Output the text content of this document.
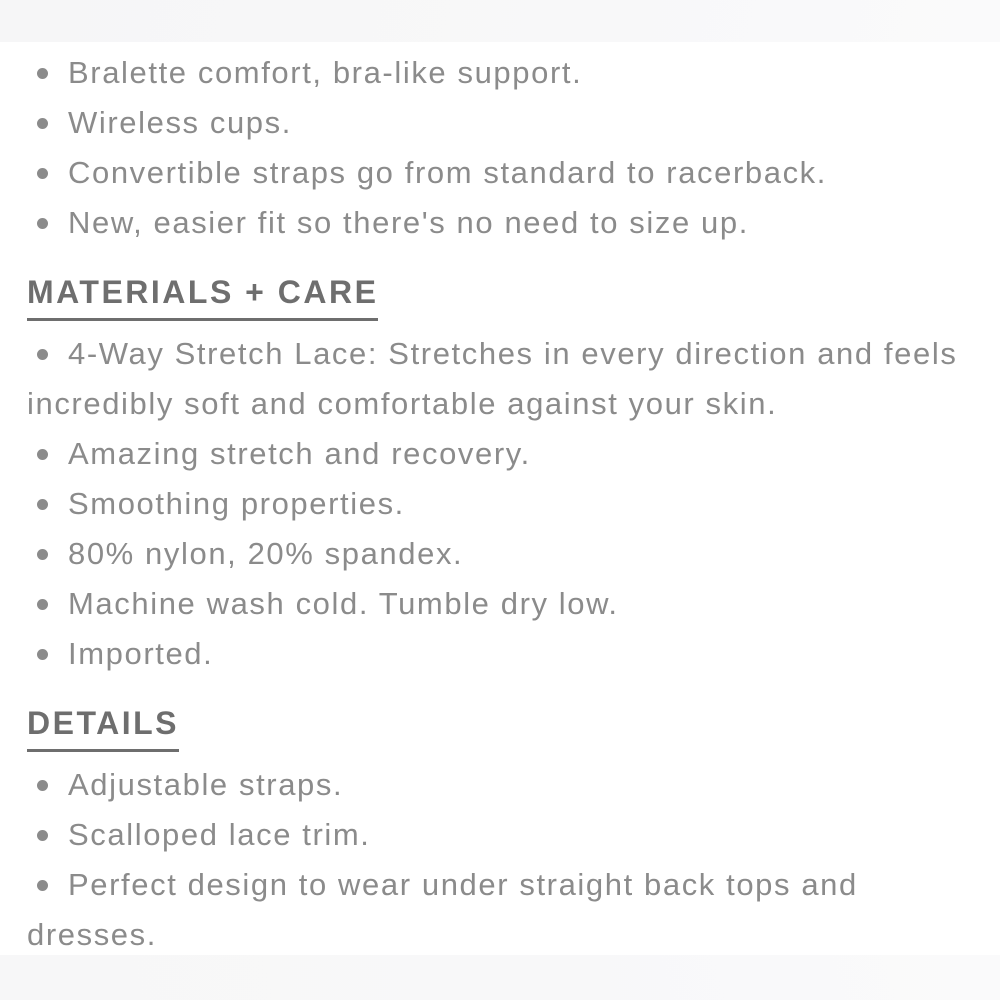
Bralette comfort, bra-like support.

Wireless cups.

Convertible straps go from standard to racerback.

New, easier fit so there's no need to size up.

MATERIALS + CARE

4-Way Stretch Lace: Stretches in every direction and feels incredibly soft and comfortable against your skin.

Amazing stretch and recovery.

Smoothing properties.

80% nylon, 20% spandex.

Machine wash cold. Tumble dry low.

Imported.

DETAILS

Adjustable straps.

Scalloped lace trim.

Perfect design to wear under straight back tops and dresses.
